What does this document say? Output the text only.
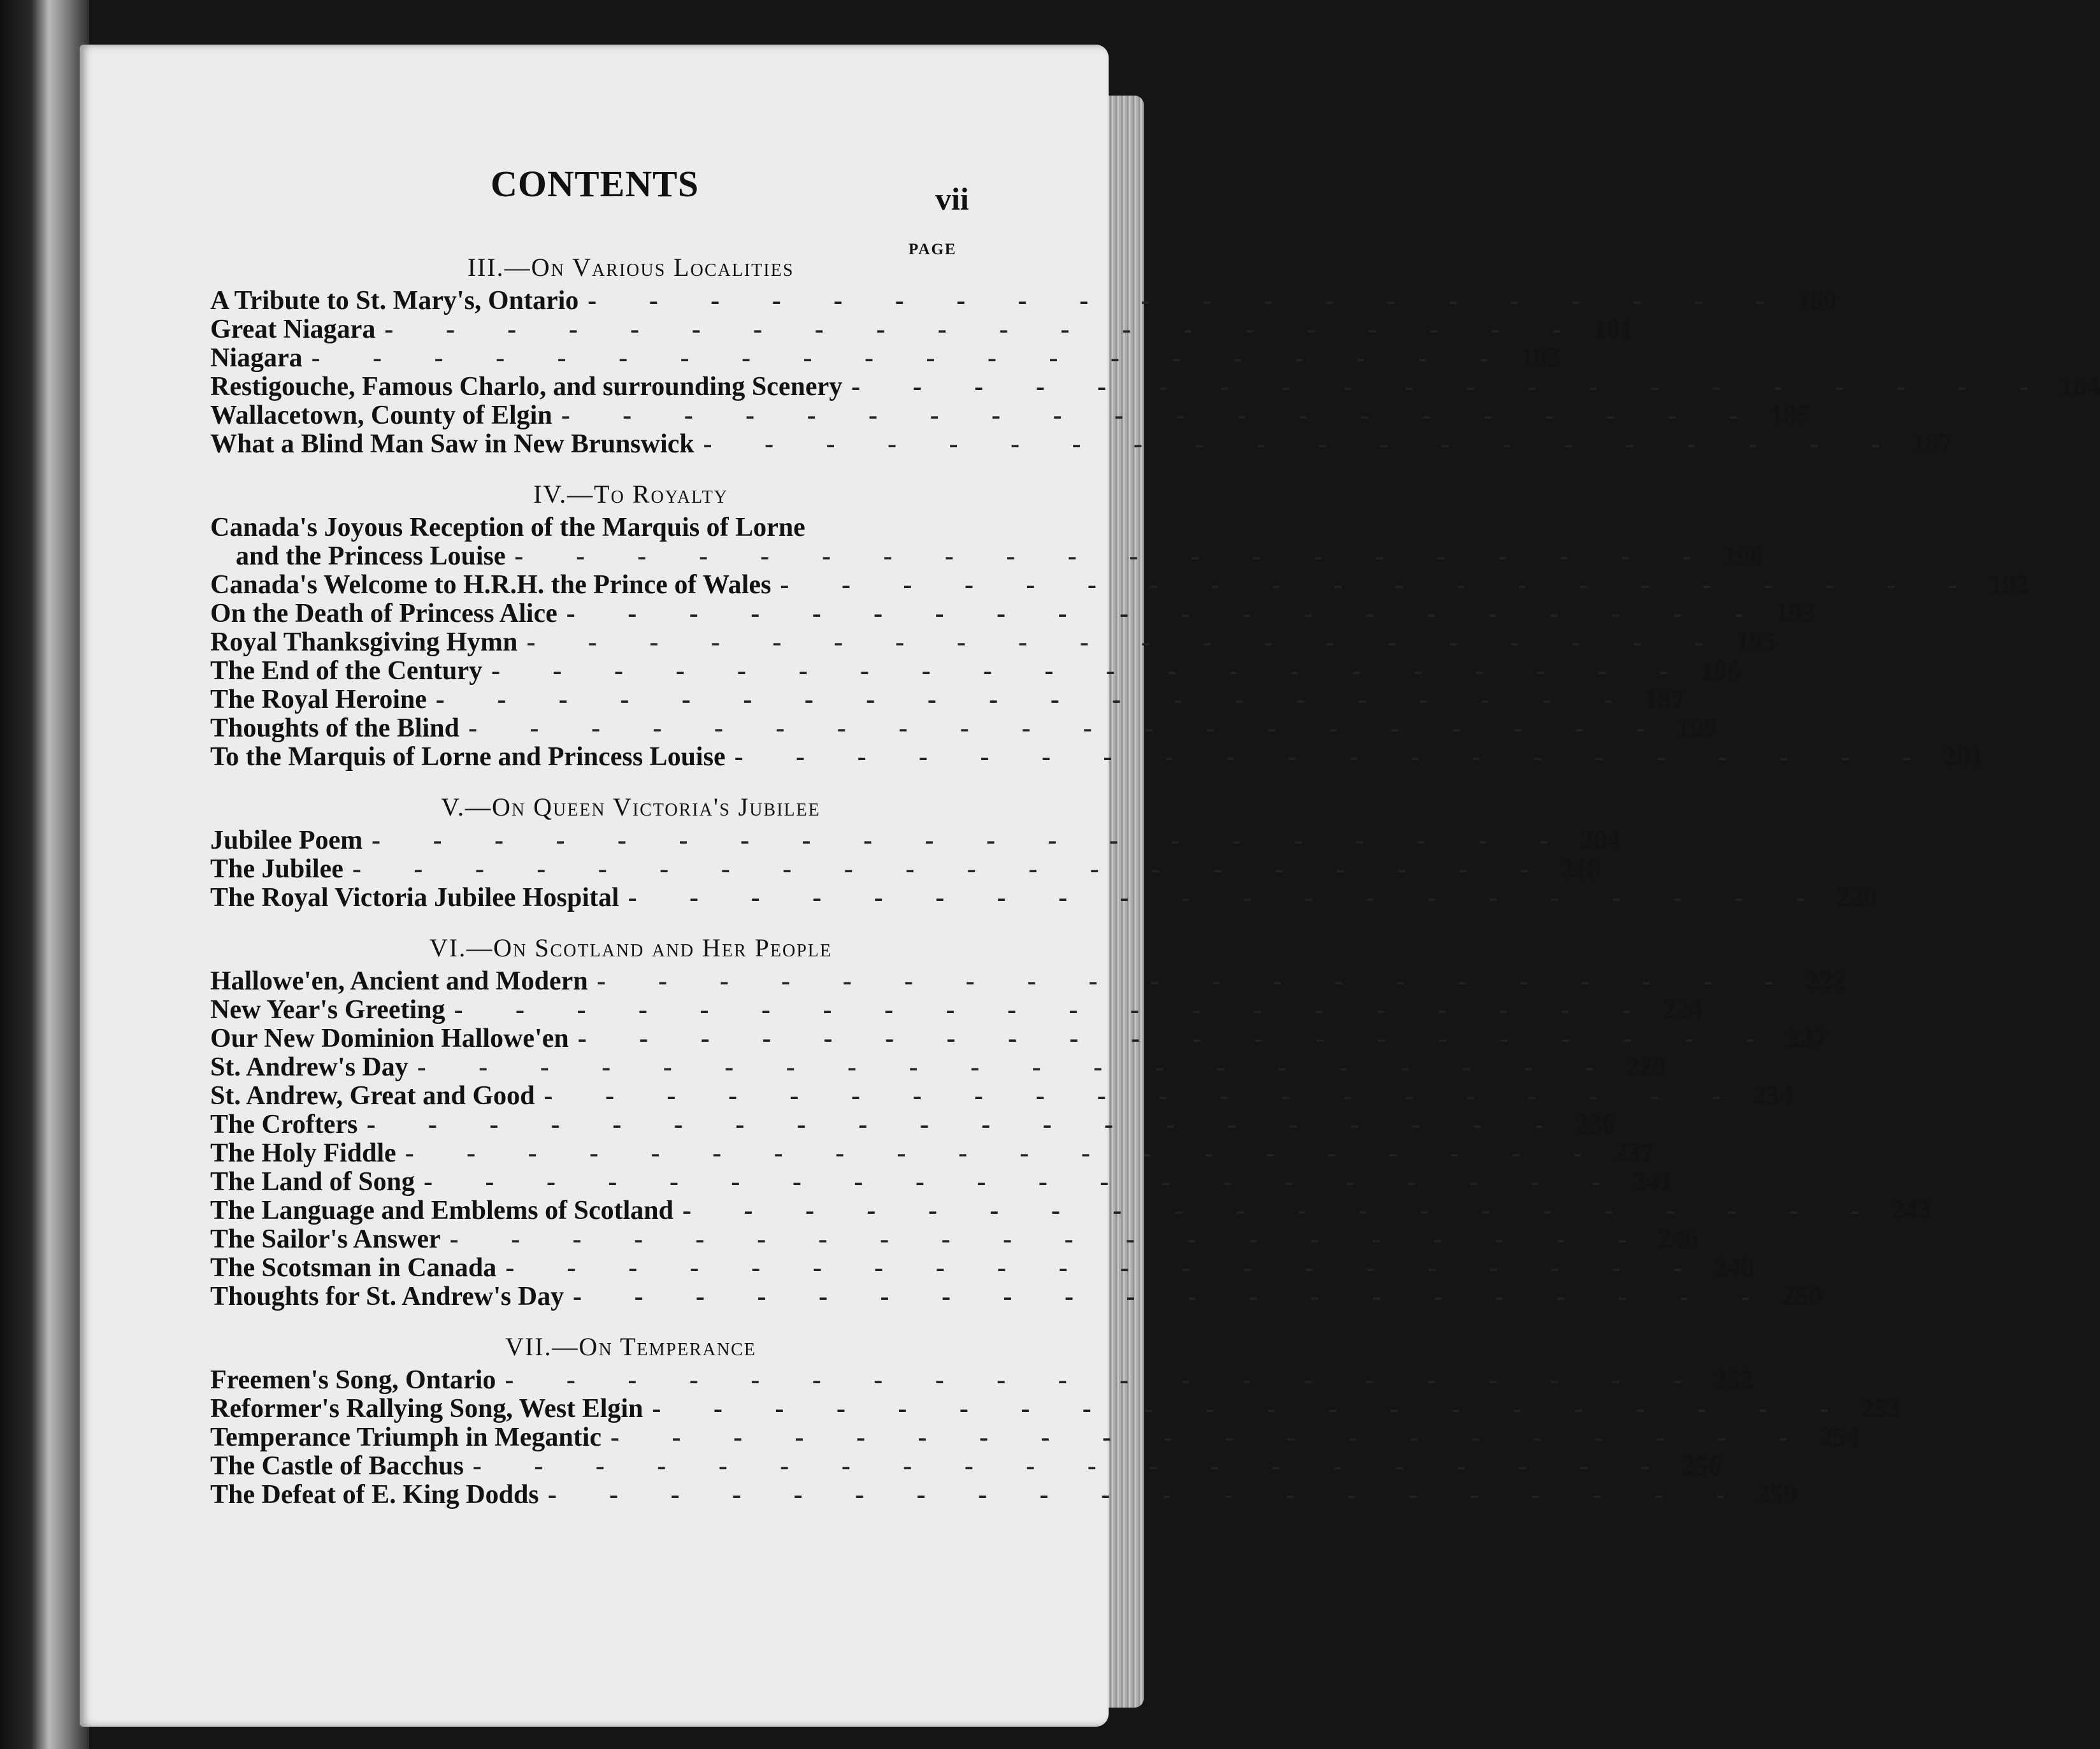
CONTENTS	vii
PAGE
III.—On Various Localities
A Tribute to St. Mary's, Ontario - - - - - - - - - - - - - - - - - - - - 180
Great Niagara - - - - - - - - - - - - - - - - - - - - 181
Niagara - - - - - - - - - - - - - - - - - - - - 183
Restigouche, Famous Charlo, and surrounding Scenery - - - - - - - - - - - - - - - - - - - - 184
Wallacetown, County of Elgin - - - - - - - - - - - - - - - - - - - - 185
What a Blind Man Saw in New Brunswick - - - - - - - - - - - - - - - - - - - - 187
IV.—To Royalty
Canada's Joyous Reception of the Marquis of Lorne
and the Princess Louise - - - - - - - - - - - - - - - - - - - - 190
Canada's Welcome to H.R.H. the Prince of Wales - - - - - - - - - - - - - - - - - - - - 192
On the Death of Princess Alice - - - - - - - - - - - - - - - - - - - - 193
Royal Thanksgiving Hymn - - - - - - - - - - - - - - - - - - - - 195
The End of the Century - - - - - - - - - - - - - - - - - - - - 196
The Royal Heroine - - - - - - - - - - - - - - - - - - - - 197
Thoughts of the Blind - - - - - - - - - - - - - - - - - - - - 199
To the Marquis of Lorne and Princess Louise - - - - - - - - - - - - - - - - - - - - 201
V.—On Queen Victoria's Jubilee
Jubilee Poem - - - - - - - - - - - - - - - - - - - - 204
The Jubilee - - - - - - - - - - - - - - - - - - - - 218
The Royal Victoria Jubilee Hospital - - - - - - - - - - - - - - - - - - - - 220
VI.—On Scotland and Her People
Hallowe'en, Ancient and Modern - - - - - - - - - - - - - - - - - - - - 222
New Year's Greeting - - - - - - - - - - - - - - - - - - - - 224
Our New Dominion Hallowe'en - - - - - - - - - - - - - - - - - - - - 227
St. Andrew's Day - - - - - - - - - - - - - - - - - - - - 229
St. Andrew, Great and Good - - - - - - - - - - - - - - - - - - - - 234
The Crofters - - - - - - - - - - - - - - - - - - - - 236
The Holy Fiddle - - - - - - - - - - - - - - - - - - - - 237
The Land of Song - - - - - - - - - - - - - - - - - - - - 241
The Language and Emblems of Scotland - - - - - - - - - - - - - - - - - - - - 243
The Sailor's Answer - - - - - - - - - - - - - - - - - - - - 246
The Scotsman in Canada - - - - - - - - - - - - - - - - - - - - 248
Thoughts for St. Andrew's Day - - - - - - - - - - - - - - - - - - - - 250
VII.—On Temperance
Freemen's Song, Ontario - - - - - - - - - - - - - - - - - - - - 252
Reformer's Rallying Song, West Elgin - - - - - - - - - - - - - - - - - - - - 253
Temperance Triumph in Megantic - - - - - - - - - - - - - - - - - - - - 254
The Castle of Bacchus - - - - - - - - - - - - - - - - - - - - 256
The Defeat of E. King Dodds - - - - - - - - - - - - - - - - - - - - 259
